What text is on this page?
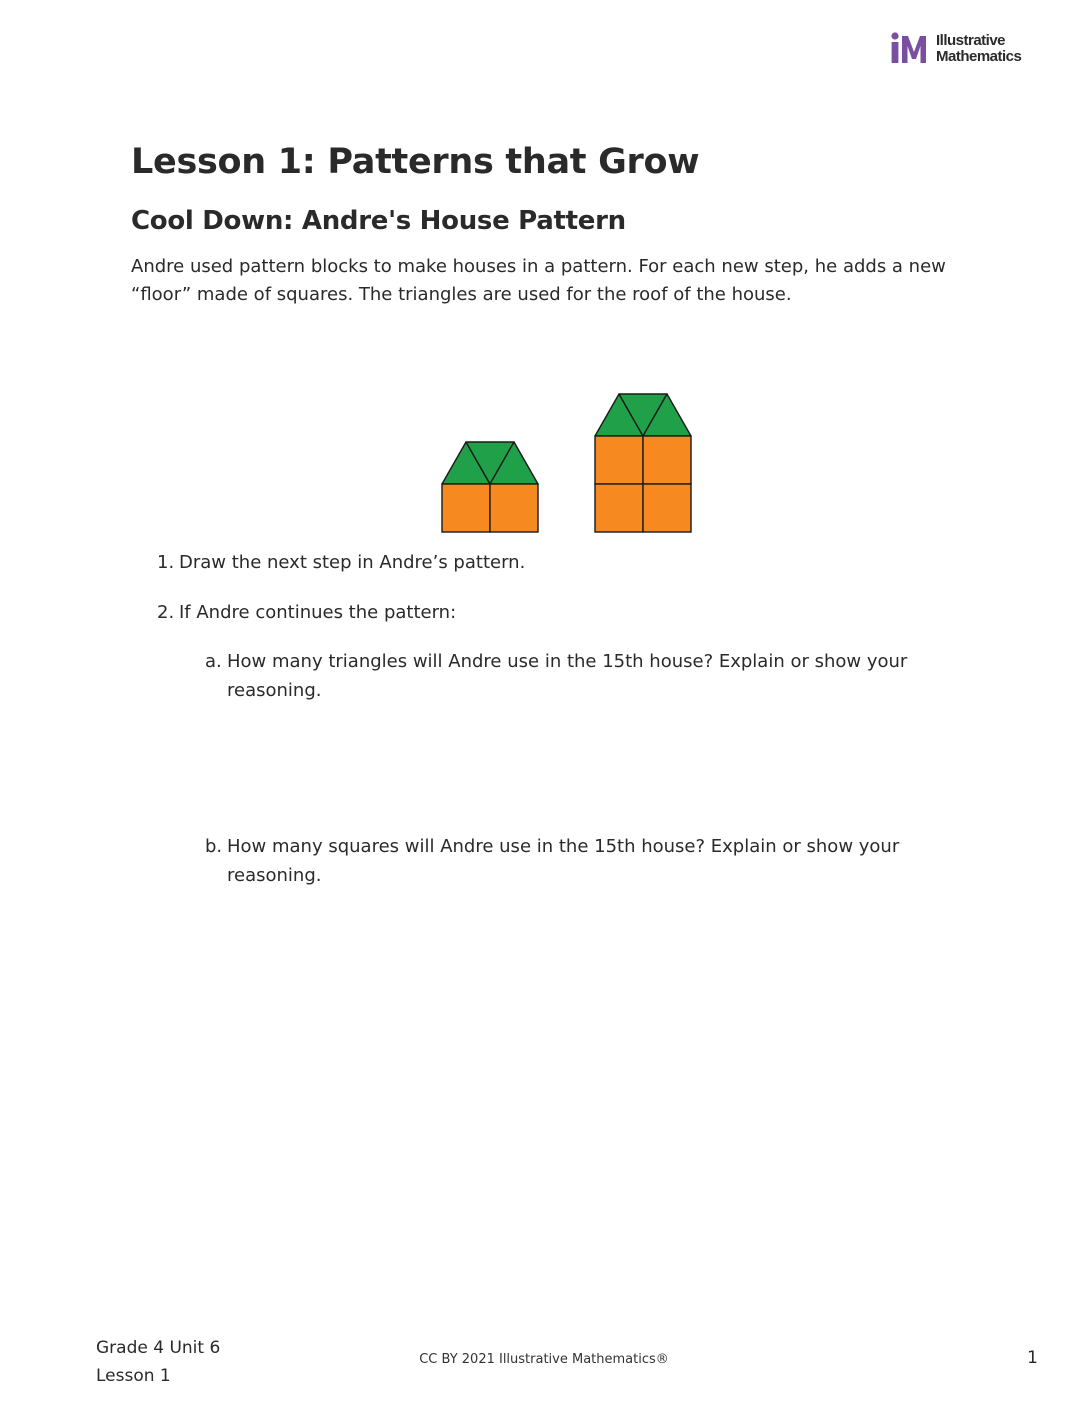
Illustrative
Mathematics
Lesson 1: Patterns that Grow
Cool Down: Andre's House Pattern

Andre used pattern blocks to make houses in a pattern. For each new step, he adds a new “floor” made of squares. The triangles are used for the roof of the house.

1. Draw the next step in Andre’s pattern.
2. If Andre continues the pattern:
a. How many triangles will Andre use in the 15th house? Explain or show your reasoning.
b. How many squares will Andre use in the 15th house? Explain or show your reasoning.
Grade 4 Unit 6
Lesson 1
CC BY 2021 Illustrative Mathematics®	1
